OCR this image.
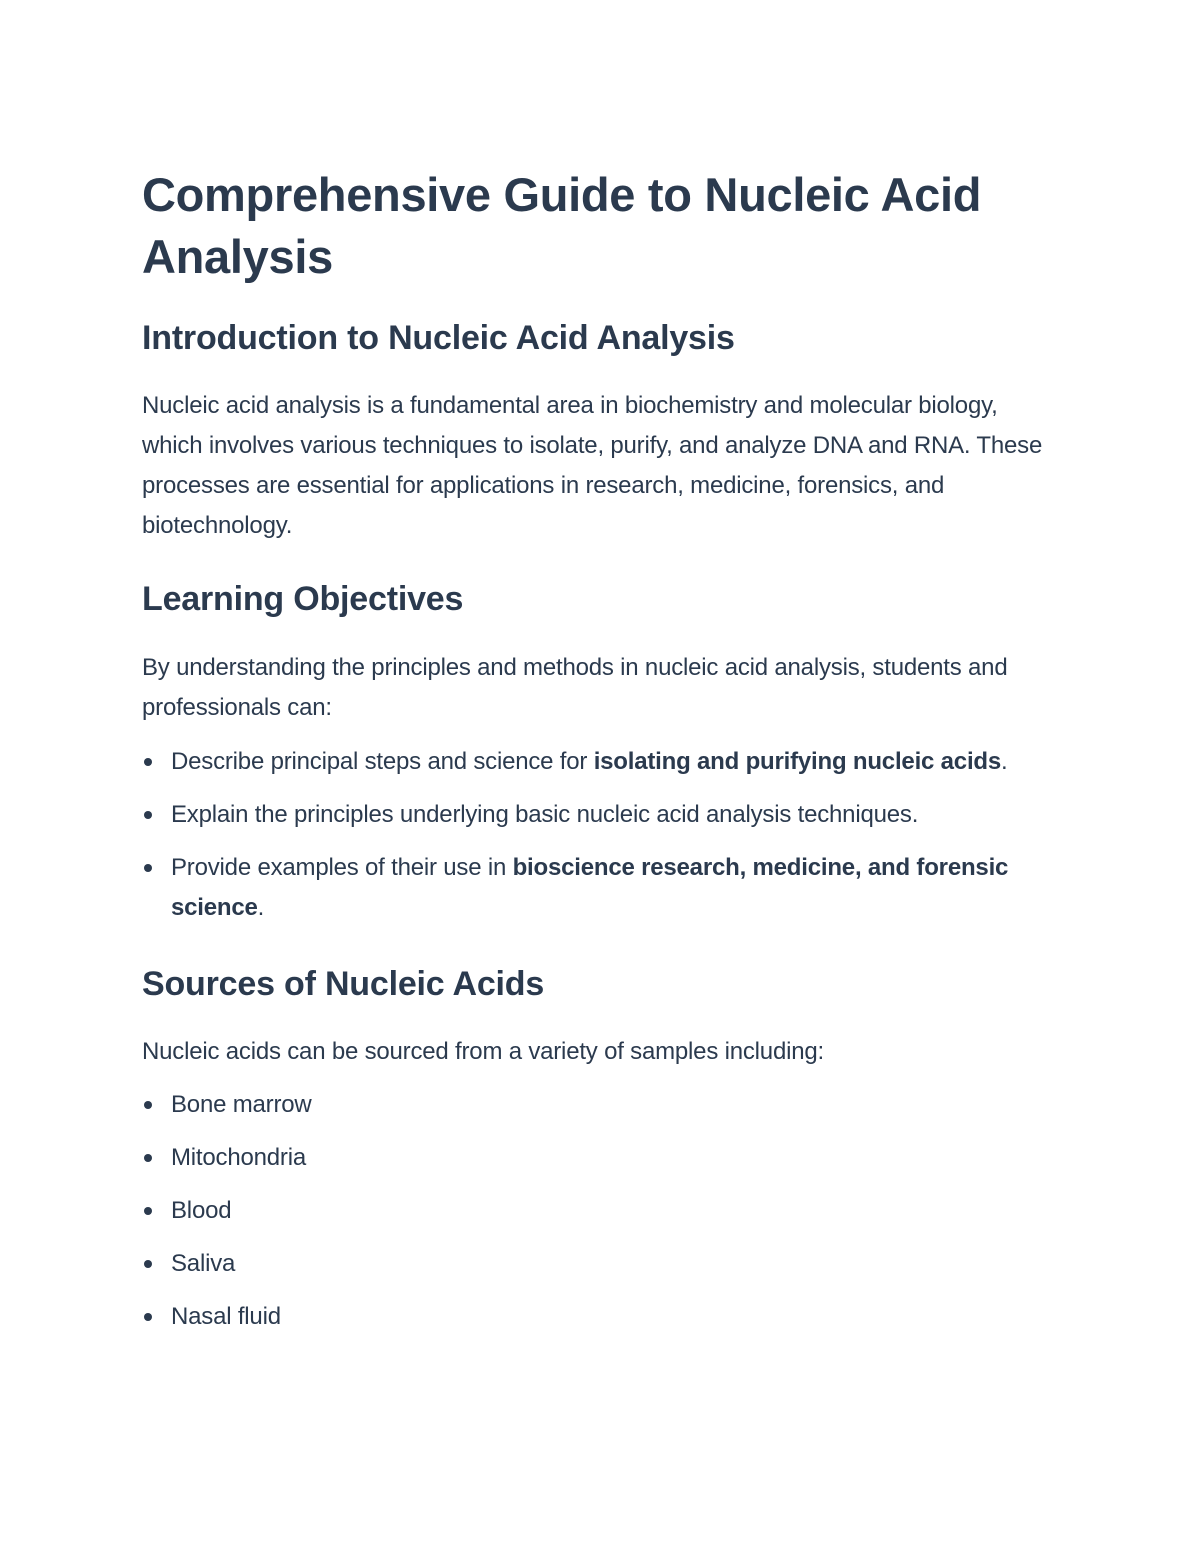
Comprehensive Guide to Nucleic Acid Analysis
Introduction to Nucleic Acid Analysis

Nucleic acid analysis is a fundamental area in biochemistry and molecular biology, which involves various techniques to isolate, purify, and analyze DNA and RNA. These processes are essential for applications in research, medicine, forensics, and biotechnology.

Learning Objectives

By understanding the principles and methods in nucleic acid analysis, students and professionals can:

Describe principal steps and science for isolating and purifying nucleic acids.
Explain the principles underlying basic nucleic acid analysis techniques.
Provide examples of their use in bioscience research, medicine, and forensic science.
Sources of Nucleic Acids

Nucleic acids can be sourced from a variety of samples including:

Bone marrow
Mitochondria
Blood
Saliva
Nasal fluid
